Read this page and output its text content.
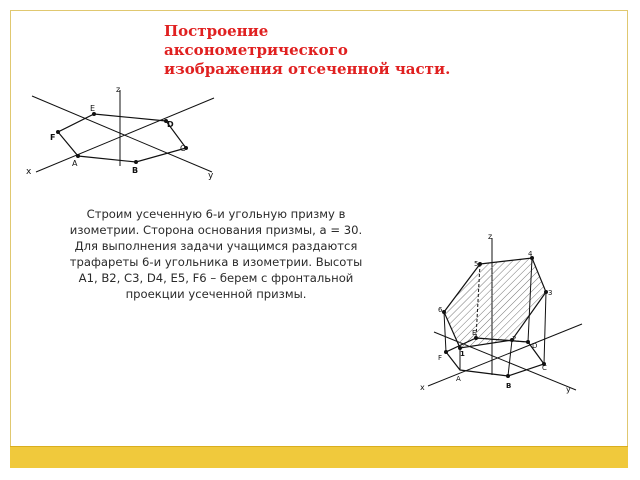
Построение
аксонометрического
изображения отсеченной части.
z
x	y
E
D
F
C
A
B
Строим усеченную 6-и угольную призму в
изометрии. Сторона основания призмы, a = 30.
Для выполнения задачи учащимся раздаются
трафареты 6-и угольника в изометрии. Высоты
А1, В2, С3, D4, Е5, F6 – берем с фронтальной
проекции усеченной призмы.
z
x	y
5
4
3
2
1
6
E
D
F
C
A
B
